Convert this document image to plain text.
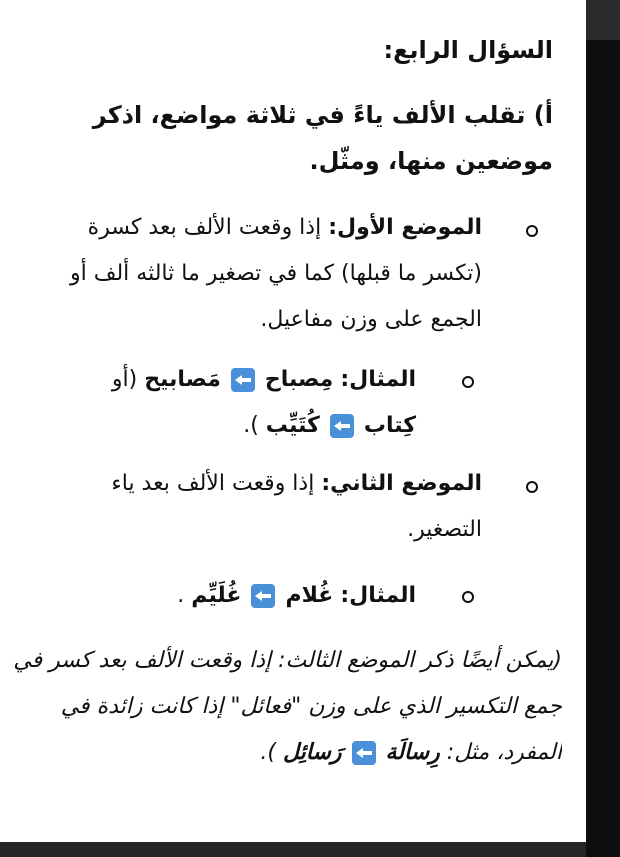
السؤال الرابع:
أ) تقلب الألف ياءً في ثلاثة مواضع، اذكر موضعين منها، ومثّل.
الموضع الأول: إذا وقعت الألف بعد كسرة (تكسر ما قبلها) كما في تصغير ما ثالثه ألف أو الجمع على وزن مفاعيل.
المثال: مِصباح  مَصابيح (أو كِتاب  كُتَيِّب ).
الموضع الثاني: إذا وقعت الألف بعد ياء التصغير.
المثال: غُلام  غُلَيِّم .
(يمكن أيضًا ذكر الموضع الثالث: إذا وقعت الألف بعد كسر في جمع التكسير الذي على وزن "فعائل" إذا كانت زائدة في المفرد، مثل: رِسالَة  رَسائِل ).
